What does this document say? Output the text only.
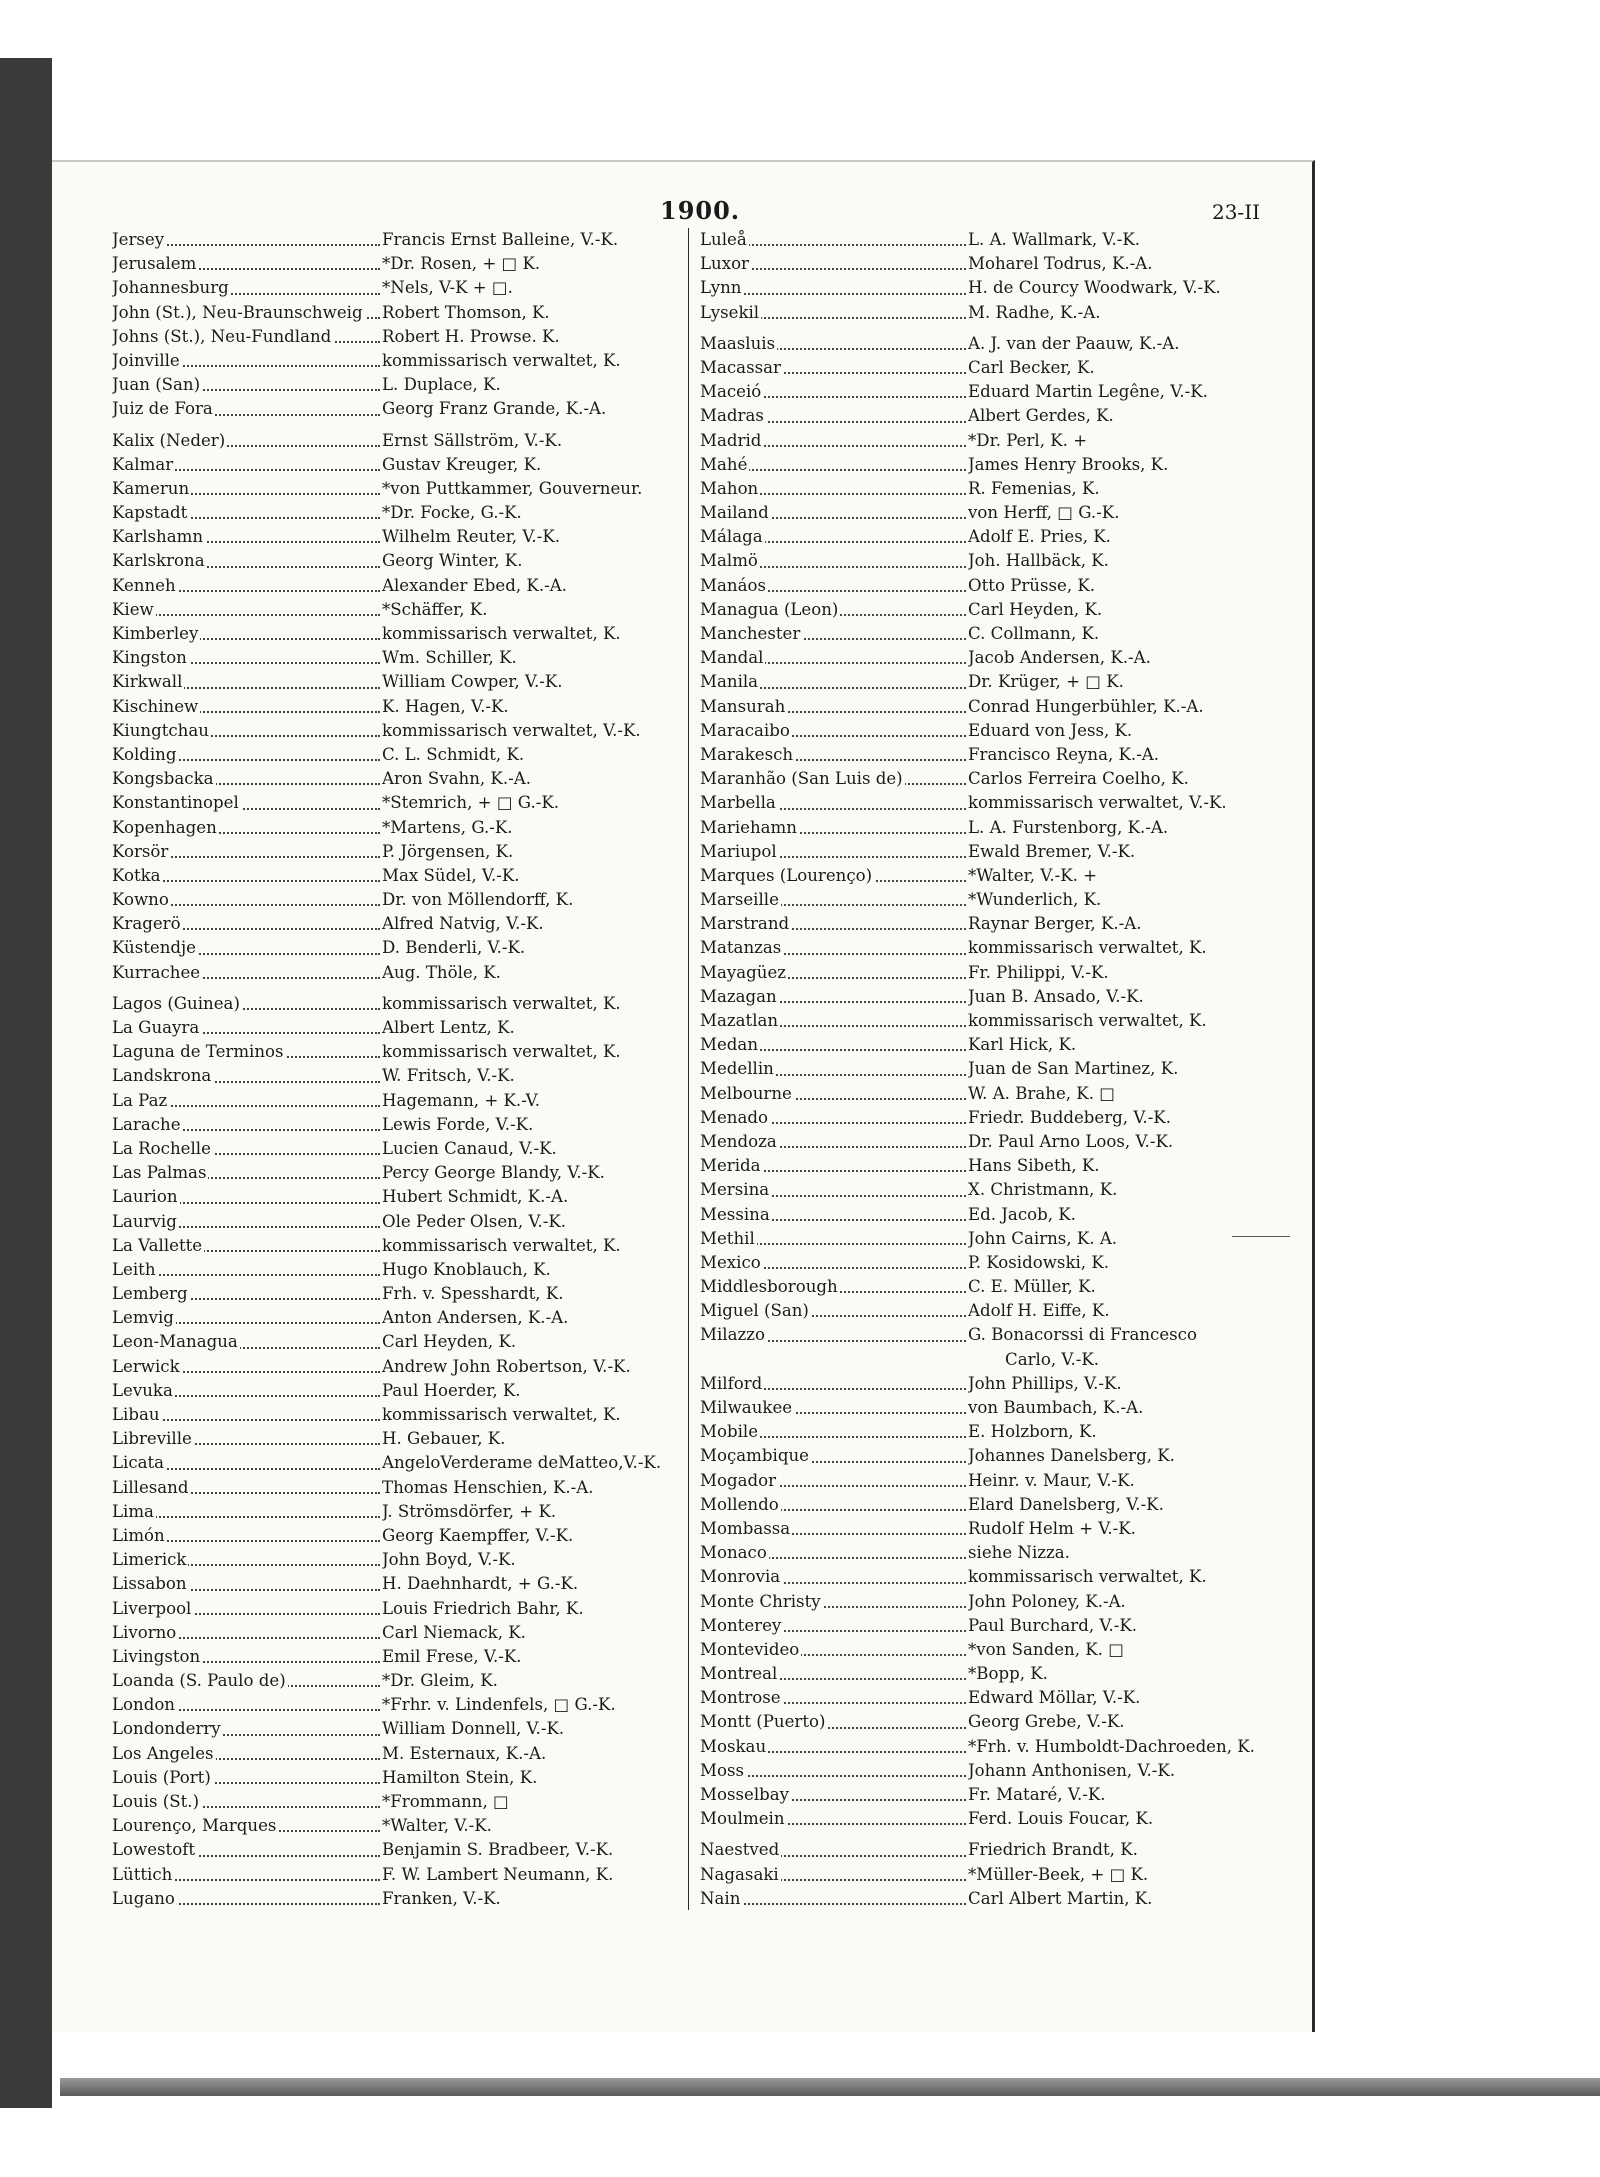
1900.	23-II
Jersey	Francis Ernst Balleine, V.-K.
Jerusalem	*Dr. Rosen, + □ K.
Johannesburg	*Nels, V-K + □.
John (St.), Neu-Braunschweig	Robert Thomson, K.
Johns (St.), Neu-Fundland	Robert H. Prowse. K.
Joinville	kommissarisch verwaltet, K.
Juan (San)	L. Duplace, K.
Juiz de Fora	Georg Franz Grande, K.-A.
Kalix (Neder)	Ernst Sällström, V.-K.
Kalmar	Gustav Kreuger, K.
Kamerun	*von Puttkammer, Gouverneur.
Kapstadt	*Dr. Focke, G.-K.
Karlshamn	Wilhelm Reuter, V.-K.
Karlskrona	Georg Winter, K.
Kenneh	Alexander Ebed, K.-A.
Kiew	*Schäffer, K.
Kimberley	kommissarisch verwaltet, K.
Kingston	Wm. Schiller, K.
Kirkwall	William Cowper, V.-K.
Kischinew	K. Hagen, V.-K.
Kiungtchau	kommissarisch verwaltet, V.-K.
Kolding	C. L. Schmidt, K.
Kongsbacka	Aron Svahn, K.-A.
Konstantinopel	*Stemrich, + □ G.-K.
Kopenhagen	*Martens, G.-K.
Korsör	P. Jörgensen, K.
Kotka	Max Südel, V.-K.
Kowno	Dr. von Möllendorff, K.
Kragerö	Alfred Natvig, V.-K.
Küstendje	D. Benderli, V.-K.
Kurrachee	Aug. Thöle, K.
Lagos (Guinea)	kommissarisch verwaltet, K.
La Guayra	Albert Lentz, K.
Laguna de Terminos	kommissarisch verwaltet, K.
Landskrona	W. Fritsch, V.-K.
La Paz	Hagemann, + K.-V.
Larache	Lewis Forde, V.-K.
La Rochelle	Lucien Canaud, V.-K.
Las Palmas	Percy George Blandy, V.-K.
Laurion	Hubert Schmidt, K.-A.
Laurvig	Ole Peder Olsen, V.-K.
La Vallette	kommissarisch verwaltet, K.
Leith	Hugo Knoblauch, K.
Lemberg	Frh. v. Spesshardt, K.
Lemvig	Anton Andersen, K.-A.
Leon-Managua	Carl Heyden, K.
Lerwick	Andrew John Robertson, V.-K.
Levuka	Paul Hoerder, K.
Libau	kommissarisch verwaltet, K.
Libreville	H. Gebauer, K.
Licata	AngeloVerderame deMatteo,V.-K.
Lillesand	Thomas Henschien, K.-A.
Lima	J. Strömsdörfer, + K.
Limón	Georg Kaempffer, V.-K.
Limerick	John Boyd, V.-K.
Lissabon	H. Daehnhardt, + G.-K.
Liverpool	Louis Friedrich Bahr, K.
Livorno	Carl Niemack, K.
Livingston	Emil Frese, V.-K.
Loanda (S. Paulo de)	*Dr. Gleim, K.
London	*Frhr. v. Lindenfels, □ G.-K.
Londonderry	William Donnell, V.-K.
Los Angeles	M. Esternaux, K.-A.
Louis (Port)	Hamilton Stein, K.
Louis (St.)	*Frommann, □
Lourenço, Marques	*Walter, V.-K.
Lowestoft	Benjamin S. Bradbeer, V.-K.
Lüttich	F. W. Lambert Neumann, K.
Lugano	Franken, V.-K.
Luleå	L. A. Wallmark, V.-K.
Luxor	Moharel Todrus, K.-A.
Lynn	H. de Courcy Woodwark, V.-K.
Lysekil	M. Radhe, K.-A.
Maasluis	A. J. van der Paauw, K.-A.
Macassar	Carl Becker, K.
Maceió	Eduard Martin Legêne, V.-K.
Madras	Albert Gerdes, K.
Madrid	*Dr. Perl, K. +
Mahé	James Henry Brooks, K.
Mahon	R. Femenias, K.
Mailand	von Herff, □ G.-K.
Málaga	Adolf E. Pries, K.
Malmö	Joh. Hallbäck, K.
Manáos	Otto Prüsse, K.
Managua (Leon)	Carl Heyden, K.
Manchester	C. Collmann, K.
Mandal	Jacob Andersen, K.-A.
Manila	Dr. Krüger, + □ K.
Mansurah	Conrad Hungerbühler, K.-A.
Maracaibo	Eduard von Jess, K.
Marakesch	Francisco Reyna, K.-A.
Maranhão (San Luis de)	Carlos Ferreira Coelho, K.
Marbella	kommissarisch verwaltet, V.-K.
Mariehamn	L. A. Furstenborg, K.-A.
Mariupol	Ewald Bremer, V.-K.
Marques (Lourenço)	*Walter, V.-K. +
Marseille	*Wunderlich, K.
Marstrand	Raynar Berger, K.-A.
Matanzas	kommissarisch verwaltet, K.
Mayagüez	Fr. Philippi, V.-K.
Mazagan	Juan B. Ansado, V.-K.
Mazatlan	kommissarisch verwaltet, K.
Medan	Karl Hick, K.
Medellin	Juan de San Martinez, K.
Melbourne	W. A. Brahe, K. □
Menado	Friedr. Buddeberg, V.-K.
Mendoza	Dr. Paul Arno Loos, V.-K.
Merida	Hans Sibeth, K.
Mersina	X. Christmann, K.
Messina	Ed. Jacob, K.
Methil	John Cairns, K. A.
Mexico	P. Kosidowski, K.
Middlesborough	C. E. Müller, K.
Miguel (San)	Adolf H. Eiffe, K.
Milazzo	G. Bonacorssi di Francesco
Carlo, V.-K.
Milford	John Phillips, V.-K.
Milwaukee	von Baumbach, K.-A.
Mobile	E. Holzborn, K.
Moçambique	Johannes Danelsberg, K.
Mogador	Heinr. v. Maur, V.-K.
Mollendo	Elard Danelsberg, V.-K.
Mombassa	Rudolf Helm + V.-K.
Monaco	siehe Nizza.
Monrovia	kommissarisch verwaltet, K.
Monte Christy	John Poloney, K.-A.
Monterey	Paul Burchard, V.-K.
Montevideo	*von Sanden, K. □
Montreal	*Bopp, K.
Montrose	Edward Möllar, V.-K.
Montt (Puerto)	Georg Grebe, V.-K.
Moskau	*Frh. v. Humboldt-Dachroeden, K.
Moss	Johann Anthonisen, V.-K.
Mosselbay	Fr. Mataré, V.-K.
Moulmein	Ferd. Louis Foucar, K.
Naestved	Friedrich Brandt, K.
Nagasaki	*Müller-Beek, + □ K.
Nain	Carl Albert Martin, K.
